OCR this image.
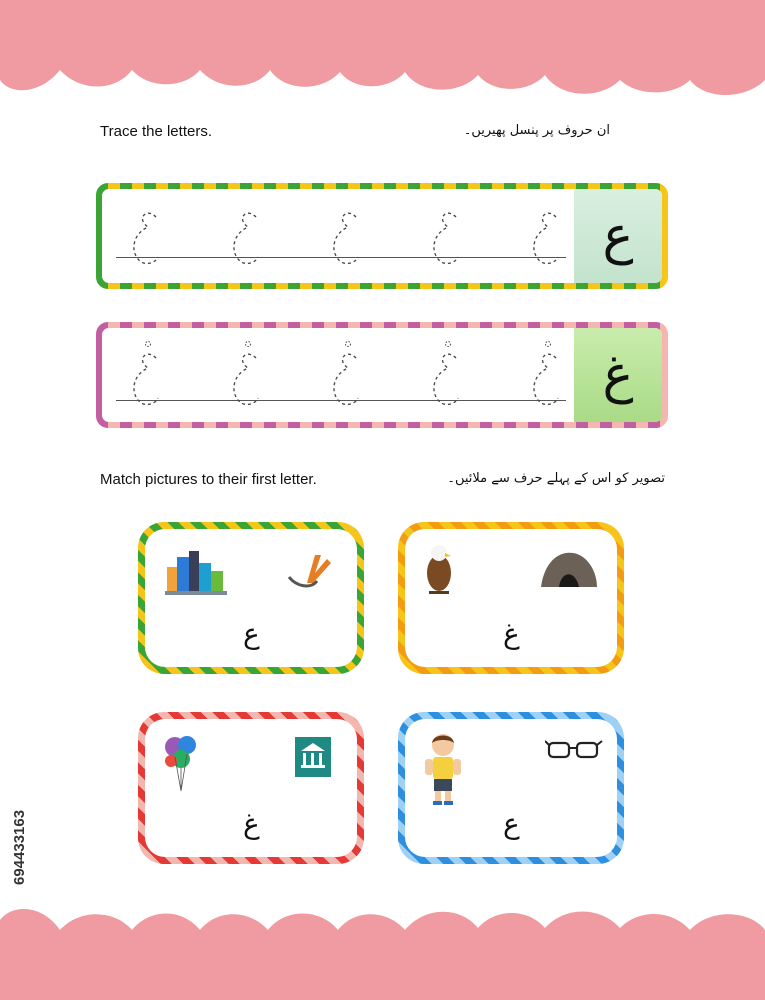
Trace the letters.	ان حروف پر پنسل پھیریں۔
ع
غ
Match pictures to their first letter.	تصویر کو اس کے پہلے حرف سے ملائیں۔
ع	غ
غ	ع
694433163
